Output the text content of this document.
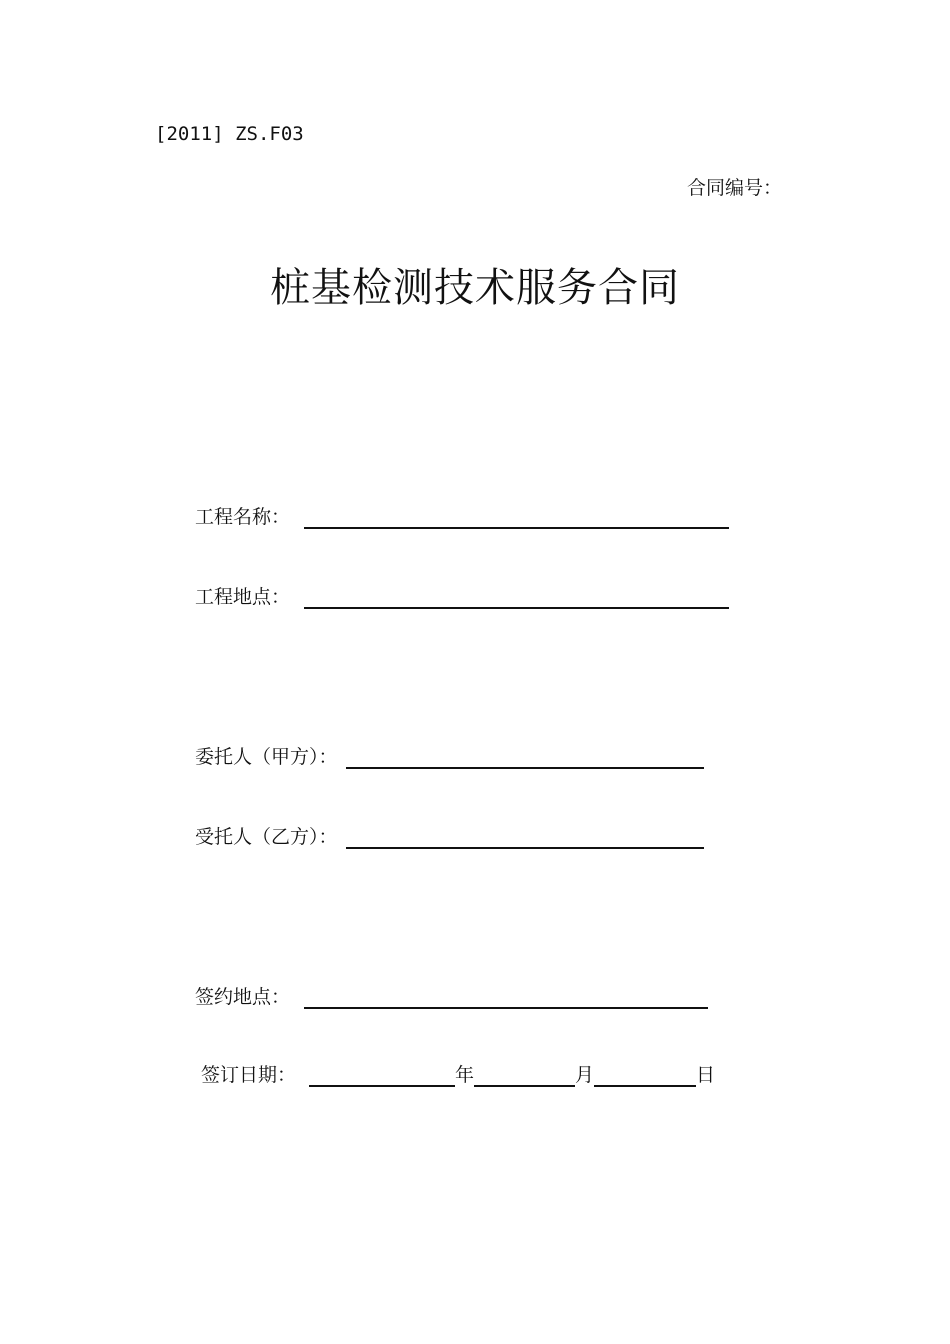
[2011] ZS.F03
合同编号：
桩基检测技术服务合同
工程名称：
工程地点：
委托人（甲方）：
受托人（乙方）：
签约地点：
签订日期：	年	月	日
